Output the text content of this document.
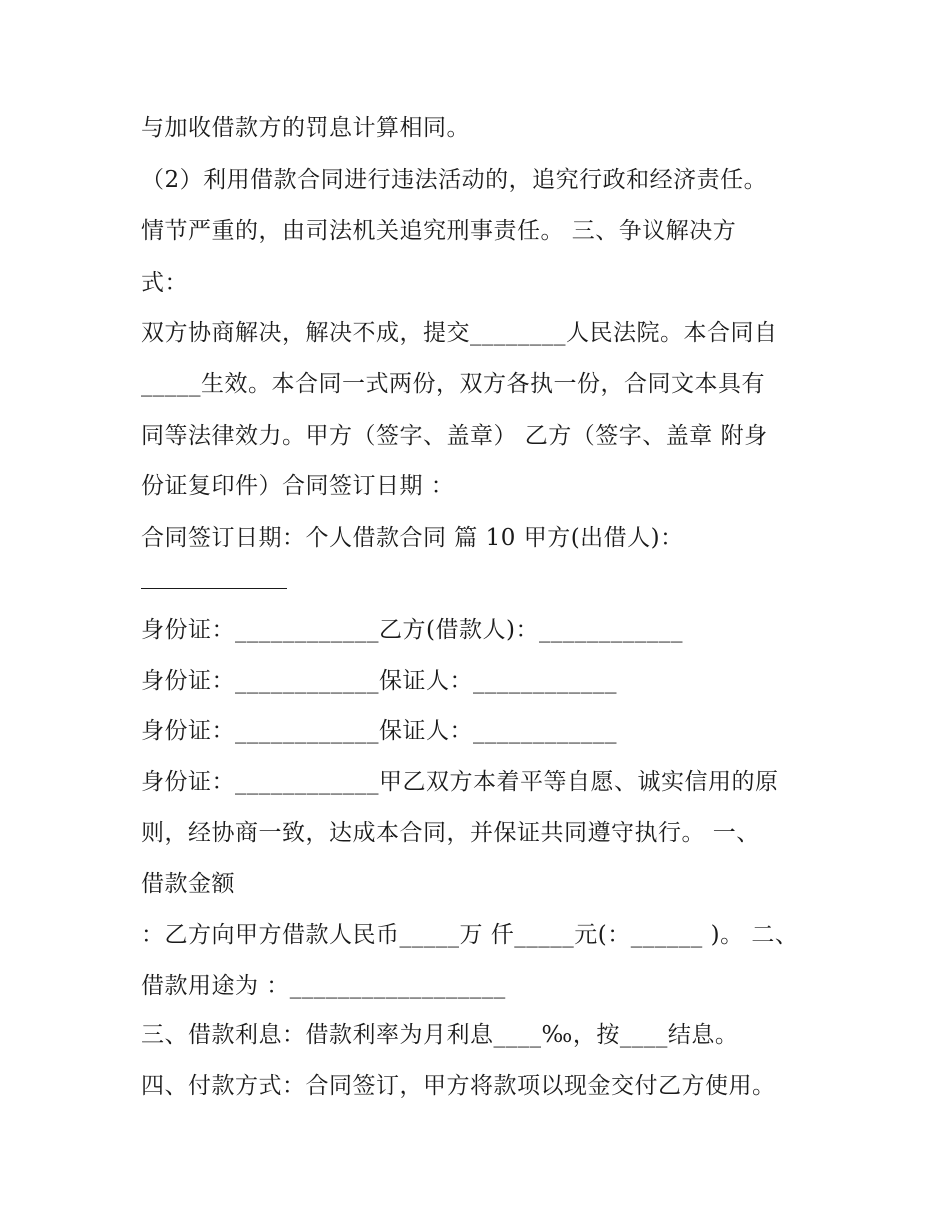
与加收借款方的罚息计算相同。
（2）利用借款合同进行违法活动的，追究行政和经济责任。
情节严重的，由司法机关追究刑事责任。 三、争议解决方
式：
双方协商解决，解决不成，提交________人民法院。本合同自
_____生效。本合同一式两份，双方各执一份，合同文本具有
同等法律效力。甲方（签字、盖章） 乙方（签字、盖章 附身
份证复印件）合同签订日期 ：
合同签订日期：个人借款合同 篇 10 甲方(出借人)：
身份证：____________乙方(借款人)：____________
身份证：____________保证人：____________
身份证：____________保证人：____________
身份证：____________甲乙双方本着平等自愿、诚实信用的原
则，经协商一致，达成本合同，并保证共同遵守执行。 一、
借款金额
：乙方向甲方借款人民币_____万 仟_____元(：______ )。 二、
借款用途为 ：__________________
三、借款利息：借款利率为月利息____‰，按____结息。
四、付款方式：合同签订，甲方将款项以现金交付乙方使用。
